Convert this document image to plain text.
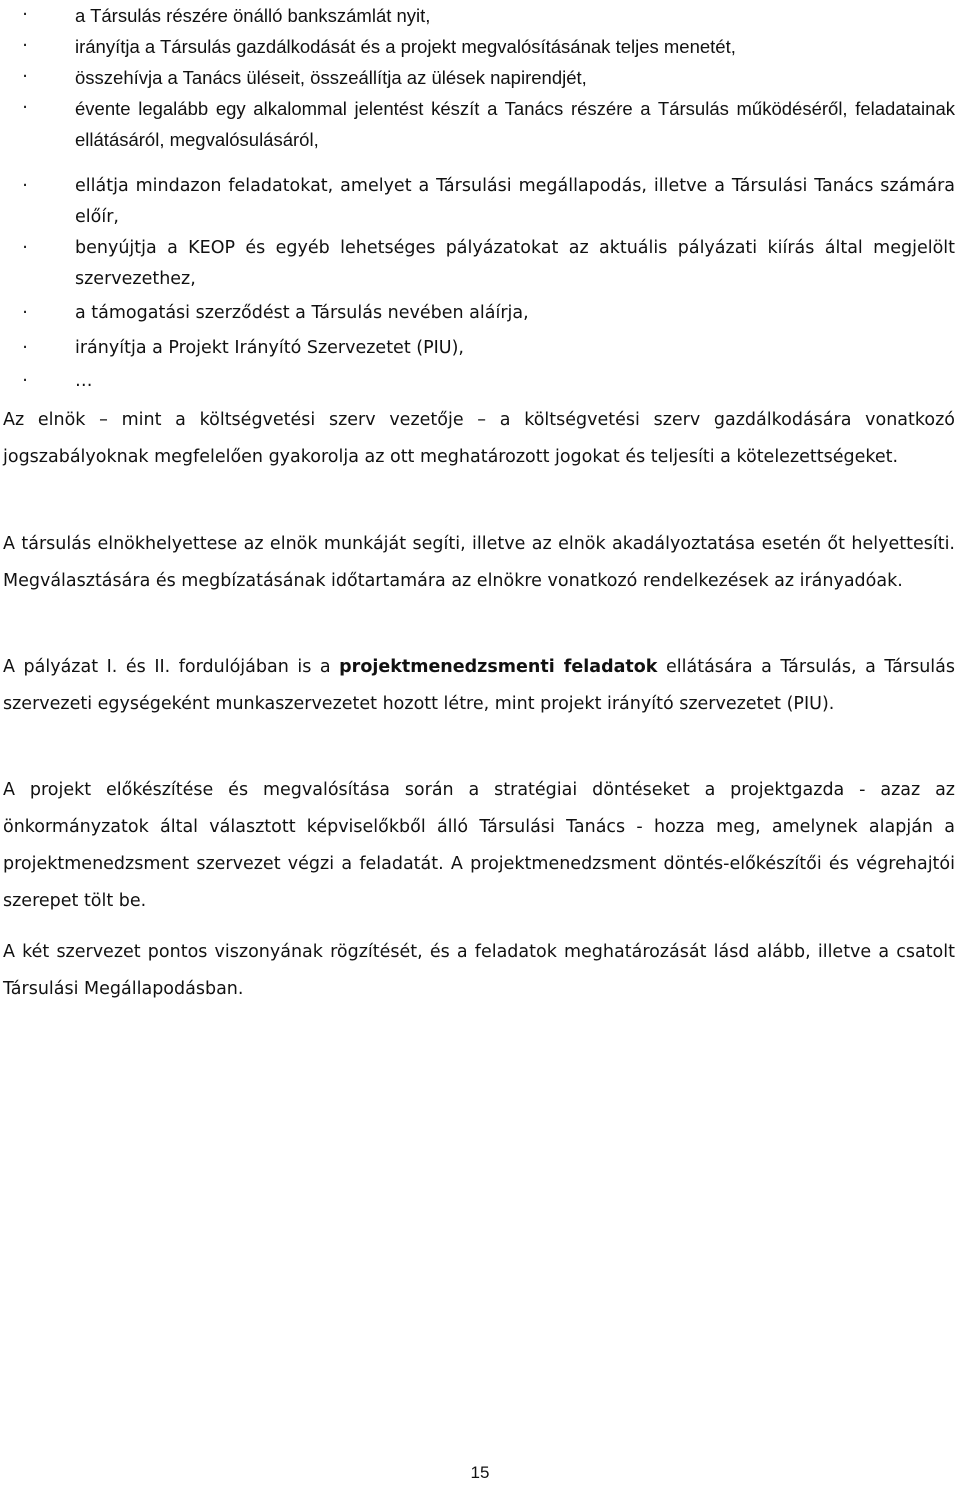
·	a Társulás részére önálló bankszámlát nyit,
·	irányítja a Társulás gazdálkodását és a projekt megvalósításának teljes menetét,
·	összehívja a Tanács üléseit, összeállítja az ülések napirendjét,
·	évente legalább egy alkalommal jelentést készít a Tanács részére a Társulás működéséről, feladatainak ellátásáról, megvalósulásáról,
·	ellátja mindazon feladatokat, amelyet a Társulási megállapodás, illetve a Társulási Tanács számára előír,
·	benyújtja a KEOP és egyéb lehetséges pályázatokat az aktuális pályázati kiírás által megjelölt szervezethez,
·	a támogatási szerződést a Társulás nevében aláírja,
·	irányítja a Projekt Irányító Szervezetet (PIU),
·	…

Az elnök – mint a költségvetési szerv vezetője – a költségvetési szerv gazdálkodására vonatkozó jogszabályoknak megfelelően gyakorolja az ott meghatározott jogokat és teljesíti a kötelezettségeket.

A társulás elnökhelyettese az elnök munkáját segíti, illetve az elnök akadályoztatása esetén őt helyettesíti. Megválasztására és megbízatásának időtartamára az elnökre vonatkozó rendelkezések az irányadóak.

A pályázat I. és II. fordulójában is a projektmenedzsmenti feladatok ellátására a Társulás, a Társulás szervezeti egységeként munkaszervezetet hozott létre, mint projekt irányító szervezetet (PIU).

A projekt előkészítése és megvalósítása során a stratégiai döntéseket a projektgazda - azaz az önkormányzatok által választott képviselőkből álló Társulási Tanács - hozza meg, amelynek alapján a projektmenedzsment szervezet végzi a feladatát. A projektmenedzsment döntés-előkészítői és végrehajtói szerepet tölt be.

A két szervezet pontos viszonyának rögzítését, és a feladatok meghatározását lásd alább, illetve a csatolt Társulási Megállapodásban.

15
